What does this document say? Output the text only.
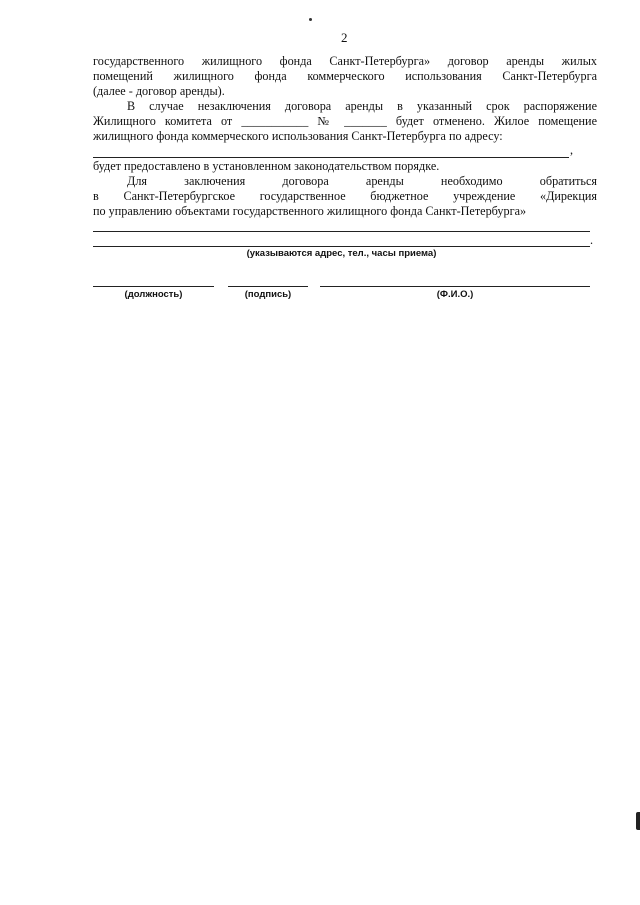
2
государственного жилищного фонда Санкт-Петербурга» договор аренды жилых
помещений жилищного фонда коммерческого использования Санкт-Петербурга
(далее - договор аренды).
В случае незаключения договора аренды в указанный срок распоряжение
Жилищного комитета от ___________ № _______ будет отменено. Жилое помещение
жилищного фонда коммерческого использования Санкт-Петербурга по адресу:
,
будет предоставлено в установленном законодательством порядке.
Для заключения договора аренды необходимо обратиться
в Санкт-Петербургское государственное бюджетное учреждение «Дирекция
по управлению объектами государственного жилищного фонда Санкт-Петербурга»
.
(указываются адрес, тел., часы приема)
(должность)	(подпись)	(Ф.И.О.)
